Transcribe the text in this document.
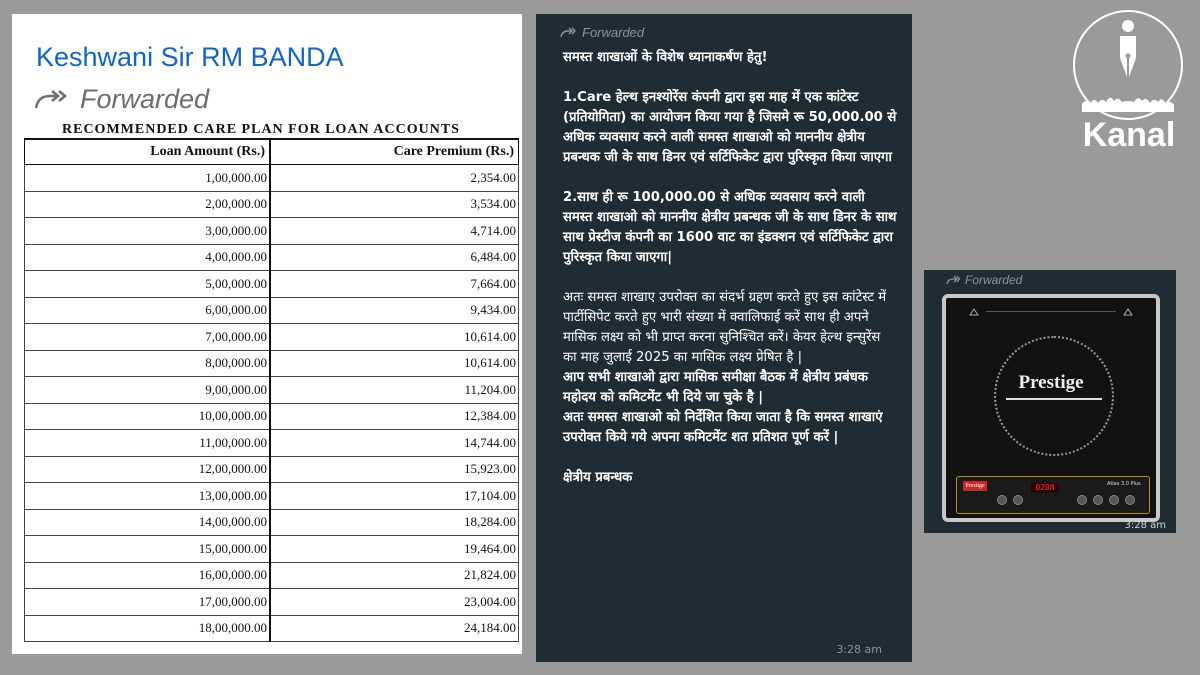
Keshwani Sir RM BANDA
Forwarded
RECOMMENDED CARE PLAN FOR LOAN ACCOUNTS
Loan Amount (Rs.)	Care Premium (Rs.)
1,00,000.00	2,354.00
2,00,000.00	3,534.00
3,00,000.00	4,714.00
4,00,000.00	6,484.00
5,00,000.00	7,664.00
6,00,000.00	9,434.00
7,00,000.00	10,614.00
8,00,000.00	10,614.00
9,00,000.00	11,204.00
10,00,000.00	12,384.00
11,00,000.00	14,744.00
12,00,000.00	15,923.00
13,00,000.00	17,104.00
14,00,000.00	18,284.00
15,00,000.00	19,464.00
16,00,000.00	21,824.00
17,00,000.00	23,004.00
18,00,000.00	24,184.00
Forwarded

समस्त शाखाओं के विशेष ध्यानाकर्षण हेतु!

1.Care हेल्थ इनश्योरेंस कंपनी द्वारा इस माह में एक कांटेस्ट (प्रतियोगिता) का आयोजन किया गया है जिसमे रू 50,000.00 से अधिक व्यवसाय करने वाली समस्त शाखाओ को माननीय क्षेत्रीय प्रबन्धक जी के साथ डिनर एवं सर्टिफिकेट द्वारा पुरिस्कृत किया जाएगा

2.साथ ही रू 100,000.00 से अधिक व्यवसाय करने वाली समस्त शाखाओ को माननीय क्षेत्रीय प्रबन्धक जी के साथ डिनर के साथ साथ प्रेस्टीज कंपनी का 1600 वाट का इंडक्शन एवं सर्टिफिकेट द्वारा पुरिस्कृत किया जाएगा|

अतः समस्त शाखाए उपरोक्त का संदर्भ ग्रहण करते हुए इस कांटेस्ट में पार्टीसिपेट करते हुए भारी संख्या में क्वालिफाई करें साथ ही अपने मासिक लक्ष्य को भी प्राप्त करना सुनिश्चित करें। केयर हेल्थ इन्सुरेंस का माह जुलाई 2025 का मासिक लक्ष्य प्रेषित है |

आप सभी शाखाओ द्वारा मासिक समीक्षा बैठक में क्षेत्रीय प्रबंधक महोदय को कमिटमेंट भी दिये जा चुके है |

अतः समस्त शाखाओ को निर्देशित किया जाता है कि समस्त शाखाएं उपरोक्त किये गये अपना कमिटमेंट शत प्रतिशत पूर्ण करें |

क्षेत्रीय प्रबन्धक

3:28 am
Forwarded
Prestige
Prestige	0208	Atlas 3.0 Plus
3:28 am
Kanal
